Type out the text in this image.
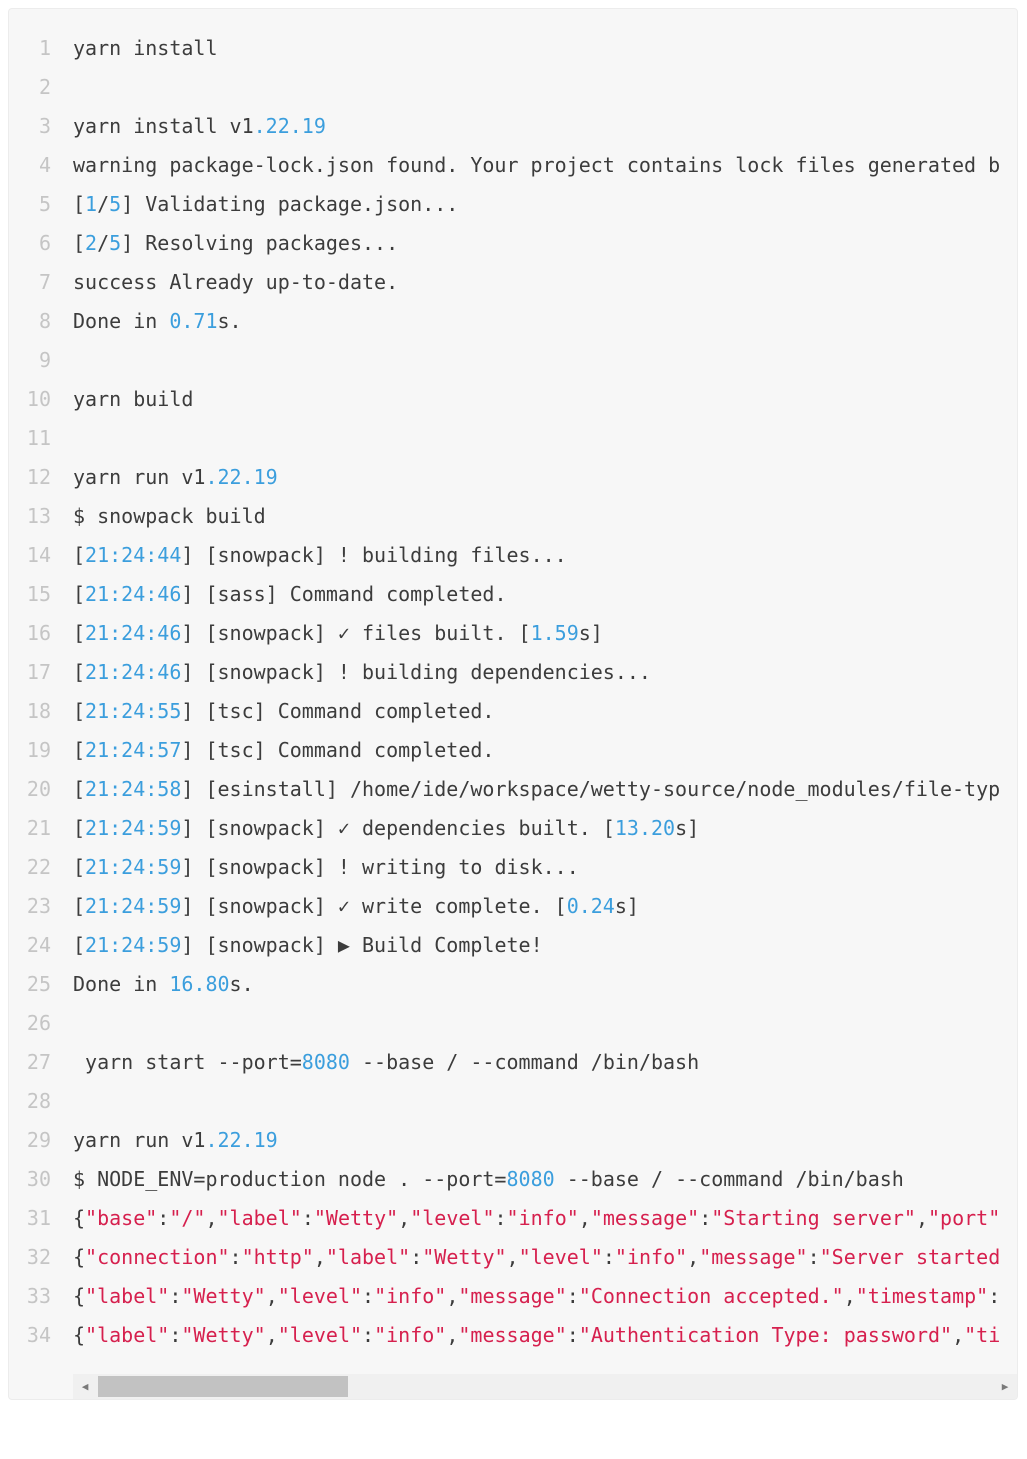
1 yarn install
2
3 yarn install v1.22.19
4 warning package-lock.json found. Your project contains lock files generated b
5 [1/5] Validating package.json...
6 [2/5] Resolving packages...
7 success Already up-to-date.
8 Done in 0.71s.
9
10 yarn build
11
12 yarn run v1.22.19
13 $ snowpack build
14 [21:24:44] [snowpack] ! building files...
15 [21:24:46] [sass] Command completed.
16 [21:24:46] [snowpack] ✓ files built. [1.59s]
17 [21:24:46] [snowpack] ! building dependencies...
18 [21:24:55] [tsc] Command completed.
19 [21:24:57] [tsc] Command completed.
20 [21:24:58] [esinstall] /home/ide/workspace/wetty-source/node_modules/file-typ
21 [21:24:59] [snowpack] ✓ dependencies built. [13.20s]
22 [21:24:59] [snowpack] ! writing to disk...
23 [21:24:59] [snowpack] ✓ write complete. [0.24s]
24 [21:24:59] [snowpack] ▶ Build Complete!
25 Done in 16.80s.
26
27 yarn start --port=8080 --base / --command /bin/bash
28
29 yarn run v1.22.19
30 $ NODE_ENV=production node . --port=8080 --base / --command /bin/bash
31 {"base":"/","label":"Wetty","level":"info","message":"Starting server","port"
32 {"connection":"http","label":"Wetty","level":"info","message":"Server started
33 {"label":"Wetty","level":"info","message":"Connection accepted.","timestamp":
34 {"label":"Wetty","level":"info","message":"Authentication Type: password","ti
◀	▶
